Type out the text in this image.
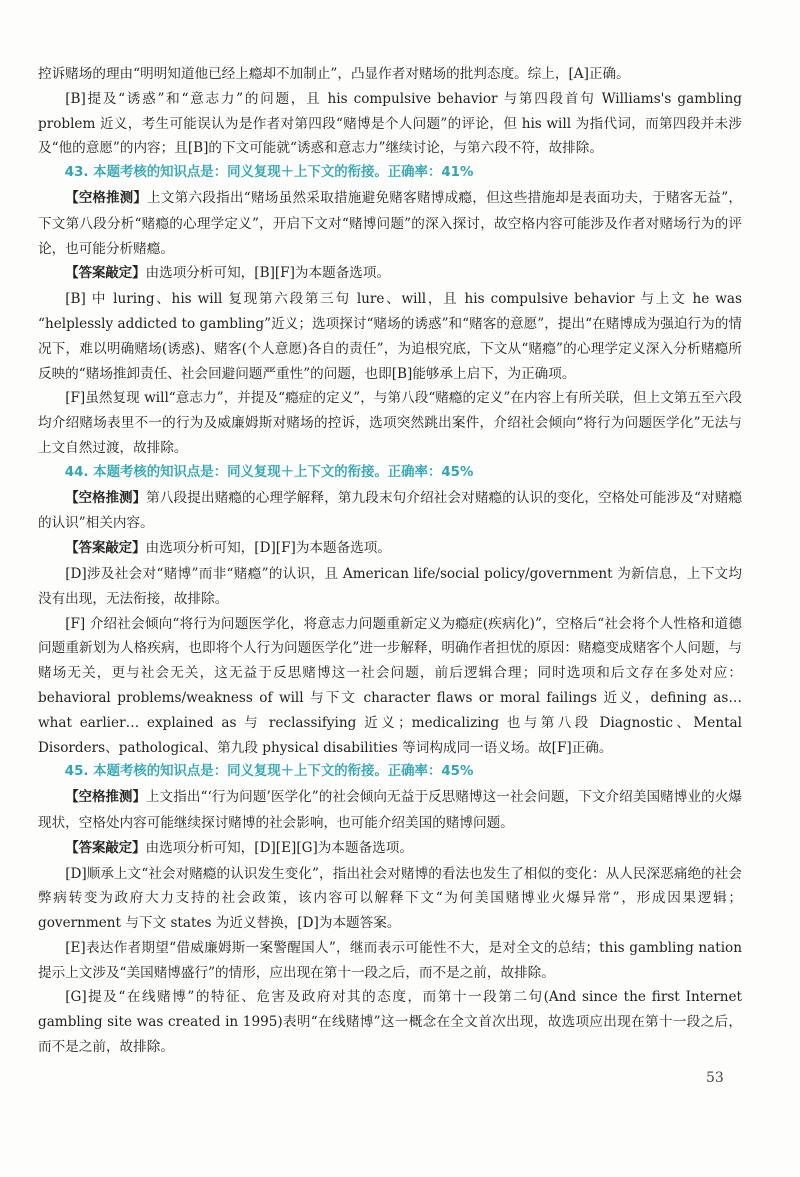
控诉赌场的理由“明明知道他已经上瘾却不加制止”，凸显作者对赌场的批判态度。综上，[A]正确。

[B]提及“诱惑”和“意志力”的问题，且 his compulsive behavior 与第四段首句 Williams's gambling problem 近义，考生可能误认为是作者对第四段“赌博是个人问题”的评论，但 his will 为指代词，而第四段并未涉及“他的意愿”的内容；且[B]的下文可能就“诱惑和意志力”继续讨论，与第六段不符，故排除。

43. 本题考核的知识点是：同义复现＋上下文的衔接。正确率：41%

【空格推测】上文第六段指出“赌场虽然采取措施避免赌客赌博成瘾，但这些措施却是表面功夫，于赌客无益”，下文第八段分析“赌瘾的心理学定义”，开启下文对“赌博问题”的深入探讨，故空格内容可能涉及作者对赌场行为的评论，也可能分析赌瘾。

【答案敲定】由选项分析可知，[B][F]为本题备选项。

[B] 中 luring、his will 复现第六段第三句 lure、will，且 his compulsive behavior 与上文 he was “helplessly addicted to gambling”近义；选项探讨“赌场的诱惑”和“赌客的意愿”，提出“在赌博成为强迫行为的情况下，难以明确赌场(诱惑)、赌客(个人意愿)各自的责任”，为追根究底，下文从“赌瘾”的心理学定义深入分析赌瘾所反映的“赌场推卸责任、社会回避问题严重性”的问题，也即[B]能够承上启下，为正确项。

[F]虽然复现 will“意志力”，并提及“瘾症的定义”，与第八段“赌瘾的定义”在内容上有所关联，但上文第五至六段均介绍赌场表里不一的行为及威廉姆斯对赌场的控诉，选项突然跳出案件，介绍社会倾向“将行为问题医学化”无法与上文自然过渡，故排除。

44. 本题考核的知识点是：同义复现＋上下文的衔接。正确率：45%

【空格推测】第八段提出赌瘾的心理学解释，第九段末句介绍社会对赌瘾的认识的变化，空格处可能涉及“对赌瘾的认识”相关内容。

【答案敲定】由选项分析可知，[D][F]为本题备选项。

[D]涉及社会对“赌博”而非“赌瘾”的认识，且 American life/social policy/government 为新信息，上下文均没有出现，无法衔接，故排除。

[F] 介绍社会倾向“将行为问题医学化，将意志力问题重新定义为瘾症(疾病化)”，空格后“社会将个人性格和道德问题重新划为人格疾病，也即将个人行为问题医学化”进一步解释，明确作者担忧的原因：赌瘾变成赌客个人问题，与赌场无关，更与社会无关，这无益于反思赌博这一社会问题，前后逻辑合理；同时选项和后文存在多处对应：behavioral problems/weakness of will 与下文 character flaws or moral failings 近义，defining as… what earlier… explained as 与 reclassifying 近义；medicalizing 也与第八段 Diagnostic、Mental Disorders、pathological、第九段 physical disabilities 等词构成同一语义场。故[F]正确。

45. 本题考核的知识点是：同义复现＋上下文的衔接。正确率：45%

【空格推测】上文指出“‘行为问题’医学化”的社会倾向无益于反思赌博这一社会问题，下文介绍美国赌博业的火爆现状，空格处内容可能继续探讨赌博的社会影响，也可能介绍美国的赌博问题。

【答案敲定】由选项分析可知，[D][E][G]为本题备选项。

[D]顺承上文“社会对赌瘾的认识发生变化”，指出社会对赌博的看法也发生了相似的变化：从人民深恶痛绝的社会弊病转变为政府大力支持的社会政策，该内容可以解释下文“为何美国赌博业火爆异常”，形成因果逻辑；government 与下文 states 为近义替换，[D]为本题答案。

[E]表达作者期望“借威廉姆斯一案警醒国人”，继而表示可能性不大，是对全文的总结；this gambling nation 提示上文涉及“美国赌博盛行”的情形，应出现在第十一段之后，而不是之前，故排除。

[G]提及“在线赌博”的特征、危害及政府对其的态度，而第十一段第二句(And since the first Internet gambling site was created in 1995)表明“在线赌博”这一概念在全文首次出现，故选项应出现在第十一段之后，而不是之前，故排除。

53
